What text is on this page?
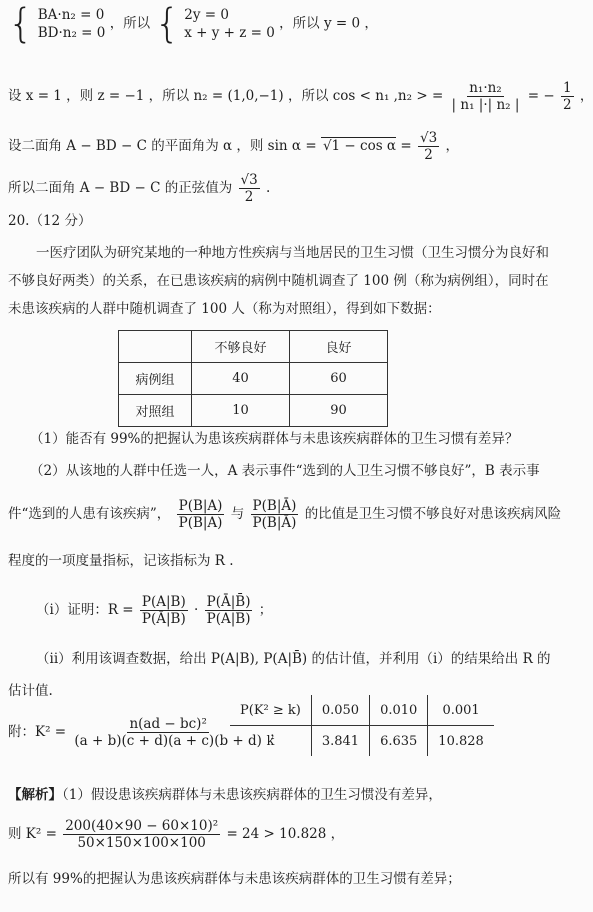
{ BA·n₂ = 0
BD·n₂ = 0
，所以 { 2y = 0
x + y + z = 0
，所以 y = 0 ，
设 x = 1 ，则 z = −1 ，所以 n₂ = (1,0,−1) ，所以 cos < n₁ ,n₂ > = $\frac{\text{n₁·n₂}}{\text{| n₁ |·| n₂ |}}$ = − $\frac{1}{2}$ ，
设二面角 A − BD − C 的平面角为 α ，则 $\sin \alpha = √1 - \cos \alpha = \frac{√3}{2}$ ，
所以二面角 A − BD − C 的正弦值为 $\frac{√3}{2}$ .
20.（12 分）
一医疗团队为研究某地的一种地方性疾病与当地居民的卫生习惯（卫生习惯分为良好和
不够良好两类）的关系，在已患该疾病的病例中随机调查了 100 例（称为病例组），同时在
未患该疾病的人群中随机调查了 100 人（称为对照组），得到如下数据：
	不够良好	良好
病例组	40	60
对照组	10	90
（1）能否有 99%的把握认为患该疾病群体与未患该疾病群体的卫生习惯有差异？
（2）从该地的人群中任选一人，A 表示事件“选到的人卫生习惯不够良好”，B 表示事
件“选到的人患有该疾病”， $\frac{P(B|A)}{P(B̄|A)}$ 与 $\frac{P(B|Ā)}{P(B̄|Ā)}$ 的比值是卫生习惯不够良好对患该疾病风险
程度的一项度量指标，记该指标为 R .
（i）证明：$R = \frac{P(A|B)}{P(Ā|B)} \cdot \frac{P(Ā|B̄)}{P(A|B̄)}$ ；
（ii）利用该调查数据，给出 P(A|B), P(A|B̄) 的估计值，并利用（i）的结果给出 R 的
估计值.
附：$K^2 = \frac{\text{n(ad − bc)²}}{(a + b)(c + d)(a + c)(b + d)}$ ，
P(K² ≥ k)	0.050	0.010	0.001
k	3.841	6.635	10.828
【解析】（1）假设患该疾病群体与未患该疾病群体的卫生习惯没有差异，
则 $K^2 = \frac{\text{200(40×90 − 60×10)²}}{50\times 150\times 100\times 100} = 24 > 10.828$ ，
所以有 99%的把握认为患该疾病群体与未患该疾病群体的卫生习惯有差异；
